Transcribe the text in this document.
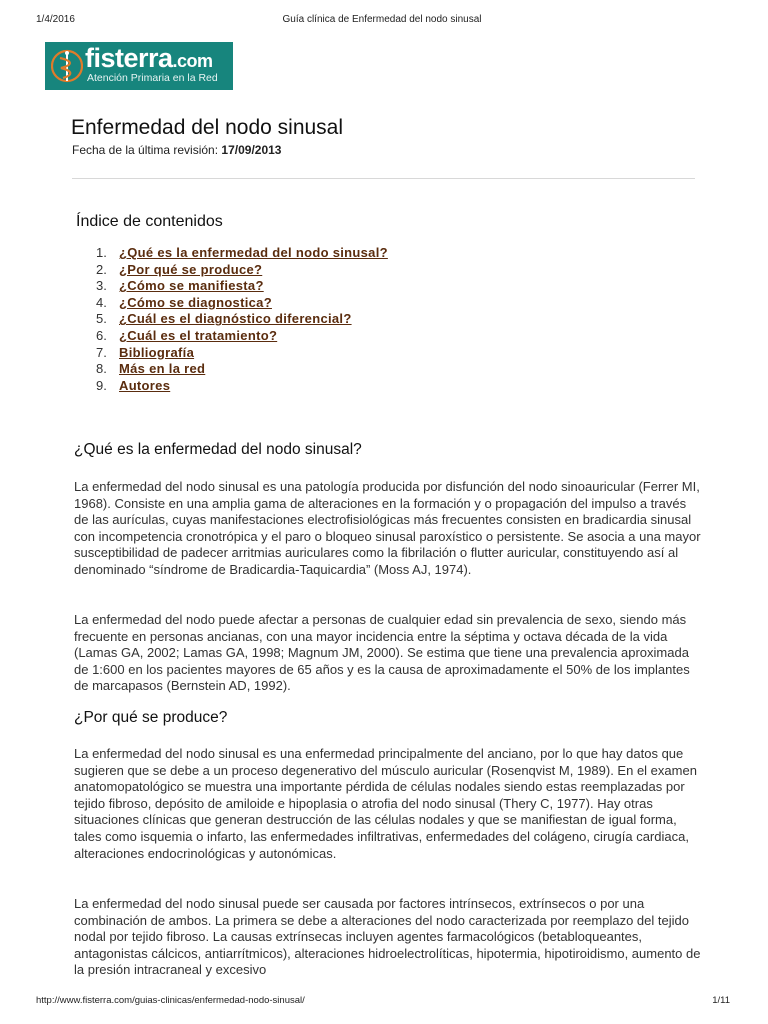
1/4/2016	Guía clínica de Enfermedad del nodo sinusal
fisterra.com
Atención Primaria en la Red
Enfermedad del nodo sinusal
Fecha de la última revisión: 17/09/2013
Índice de contenidos
1. ¿Qué es la enfermedad del nodo sinusal?
2. ¿Por qué se produce?
3. ¿Cómo se manifiesta?
4. ¿Cómo se diagnostica?
5. ¿Cuál es el diagnóstico diferencial?
6. ¿Cuál es el tratamiento?
7. Bibliografía
8. Más en la red
9. Autores
¿Qué es la enfermedad del nodo sinusal?

La enfermedad del nodo sinusal es una patología producida por disfunción del nodo sinoauricular (Ferrer MI, 1968). Consiste en una amplia gama de alteraciones en la formación y o propagación del impulso a través de las aurículas, cuyas manifestaciones electrofisiológicas más frecuentes consisten en bradicardia sinusal con incompetencia cronotrópica y el paro o bloqueo sinusal paroxístico o persistente. Se asocia a una mayor susceptibilidad de padecer arritmias auriculares como la fibrilación o flutter auricular, constituyendo así al denominado “síndrome de Bradicardia-Taquicardia” (Moss AJ, 1974).

La enfermedad del nodo puede afectar a personas de cualquier edad sin prevalencia de sexo, siendo más frecuente en personas ancianas, con una mayor incidencia entre la séptima y octava década de la vida (Lamas GA, 2002; Lamas GA, 1998; Magnum JM, 2000). Se estima que tiene una prevalencia aproximada de 1:600 en los pacientes mayores de 65 años y es la causa de aproximadamente el 50% de los implantes de marcapasos (Bernstein AD, 1992).

¿Por qué se produce?

La enfermedad del nodo sinusal es una enfermedad principalmente del anciano, por lo que hay datos que sugieren que se debe a un proceso degenerativo del músculo auricular (Rosenqvist M, 1989). En el examen anatomopatológico se muestra una importante pérdida de células nodales siendo estas reemplazadas por tejido fibroso, depósito de amiloide e hipoplasia o atrofia del nodo sinusal (Thery C, 1977). Hay otras situaciones clínicas que generan destrucción de las células nodales y que se manifiestan de igual forma, tales como isquemia o infarto, las enfermedades infiltrativas, enfermedades del colágeno, cirugía cardiaca, alteraciones endocrinológicas y autonómicas.

La enfermedad del nodo sinusal puede ser causada por factores intrínsecos, extrínsecos o por una combinación de ambos. La primera se debe a alteraciones del nodo caracterizada por reemplazo del tejido nodal por tejido fibroso. La causas extrínsecas incluyen agentes farmacológicos (betabloqueantes, antagonistas cálcicos, antiarrítmicos), alteraciones hidroelectrolíticas, hipotermia, hipotiroidismo, aumento de la presión intracraneal y excesivo

http://www.fisterra.com/guias-clinicas/enfermedad-nodo-sinusal/	1/11
